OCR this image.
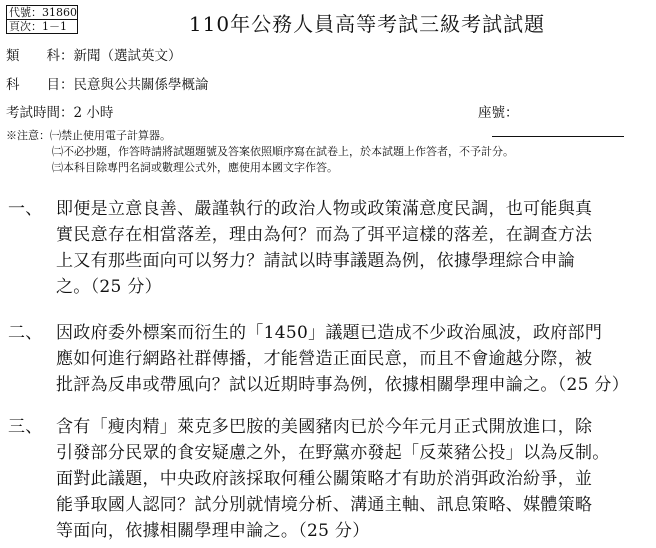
代號：31860
頁次：1－1	110年公務人員高等考試三級考試試題
類　　科：新聞（選試英文）
科　　目：民意與公共關係學概論
考試時間：2 小時	座號：
※注意：㈠禁止使用電子計算器。
㈡不必抄題，作答時請將試題題號及答案依照順序寫在試卷上，於本試題上作答者，不予計分。
㈢本科目除專門名詞或數理公式外，應使用本國文字作答。
一、 即便是立意良善、嚴謹執行的政治人物或政策滿意度民調，也可能與真
實民意存在相當落差，理由為何？而為了弭平這樣的落差，在調查方法
上又有那些面向可以努力？請試以時事議題為例，依據學理綜合申論
之。（25 分）
二、 因政府委外標案而衍生的「1450」議題已造成不少政治風波，政府部門
應如何進行網路社群傳播，才能營造正面民意，而且不會逾越分際，被
批評為反串或帶風向？試以近期時事為例，依據相關學理申論之。（25 分）
三、 含有「瘦肉精」萊克多巴胺的美國豬肉已於今年元月正式開放進口，除
引發部分民眾的食安疑慮之外，在野黨亦發起「反萊豬公投」以為反制。
面對此議題，中央政府該採取何種公關策略才有助於消弭政治紛爭，並
能爭取國人認同？試分別就情境分析、溝通主軸、訊息策略、媒體策略
等面向，依據相關學理申論之。（25 分）
